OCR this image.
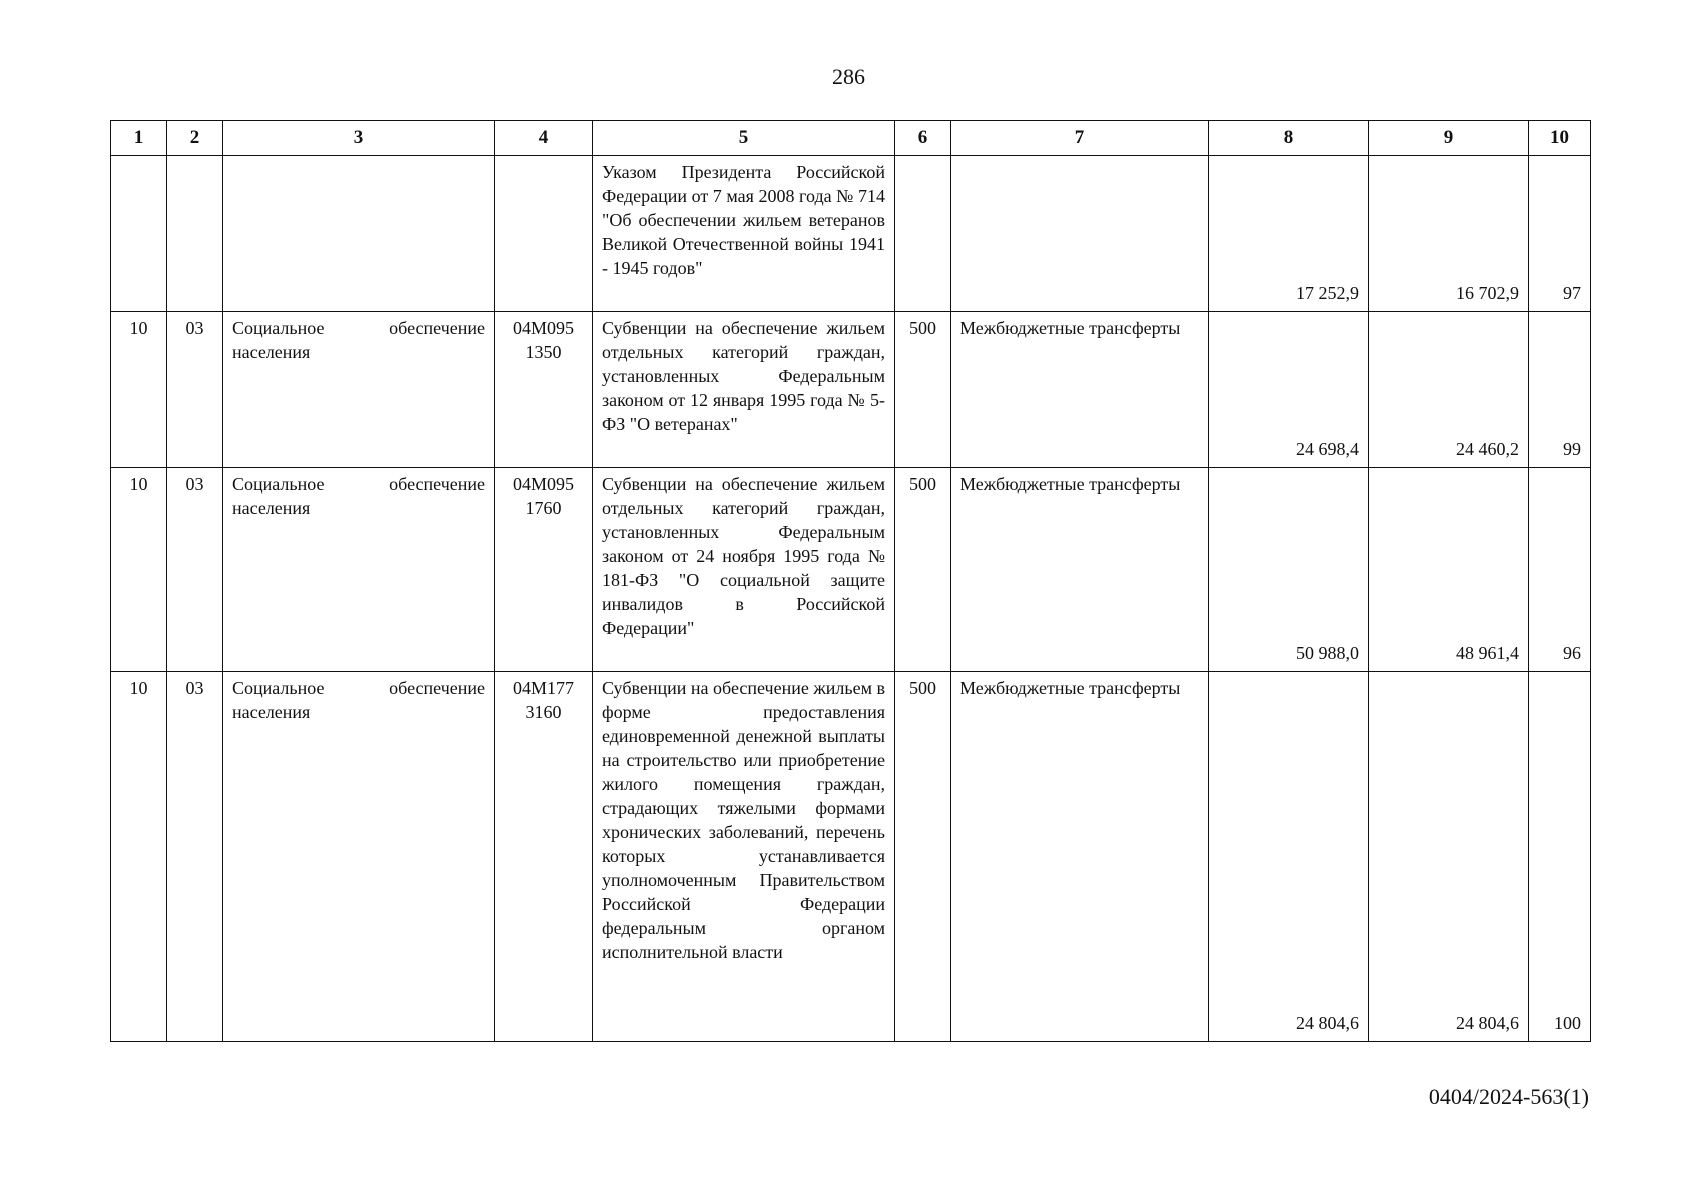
286
1	2	3	4	5	6	7	8	9	10
				Указом Президента Российской Федерации от 7 мая 2008 года № 714 "Об обеспечении жильем ветеранов Великой Отечественной войны 1941 - 1945 годов"			17 252,9	16 702,9	97
10	03	Социальное обеспечение населения	04М095 1350	Субвенции на обеспечение жильем отдельных категорий граждан, установленных Федеральным законом от 12 января 1995 года № 5-ФЗ "О ветеранах"	500	Межбюджетные трансферты	24 698,4	24 460,2	99
10	03	Социальное обеспечение населения	04М095 1760	Субвенции на обеспечение жильем отдельных категорий граждан, установленных Федеральным законом от 24 ноября 1995 года № 181-ФЗ "О социальной защите инвалидов в Российской Федерации"	500	Межбюджетные трансферты	50 988,0	48 961,4	96
10	03	Социальное обеспечение населения	04М177 3160	Субвенции на обеспечение жильем в форме предоставления единовременной денежной выплаты на строительство или приобретение жилого помещения граждан, страдающих тяжелыми формами хронических заболеваний, перечень которых устанавливается уполномоченным Правительством Российской Федерации федеральным органом исполнительной власти	500	Межбюджетные трансферты	24 804,6	24 804,6	100
0404/2024-563(1)
